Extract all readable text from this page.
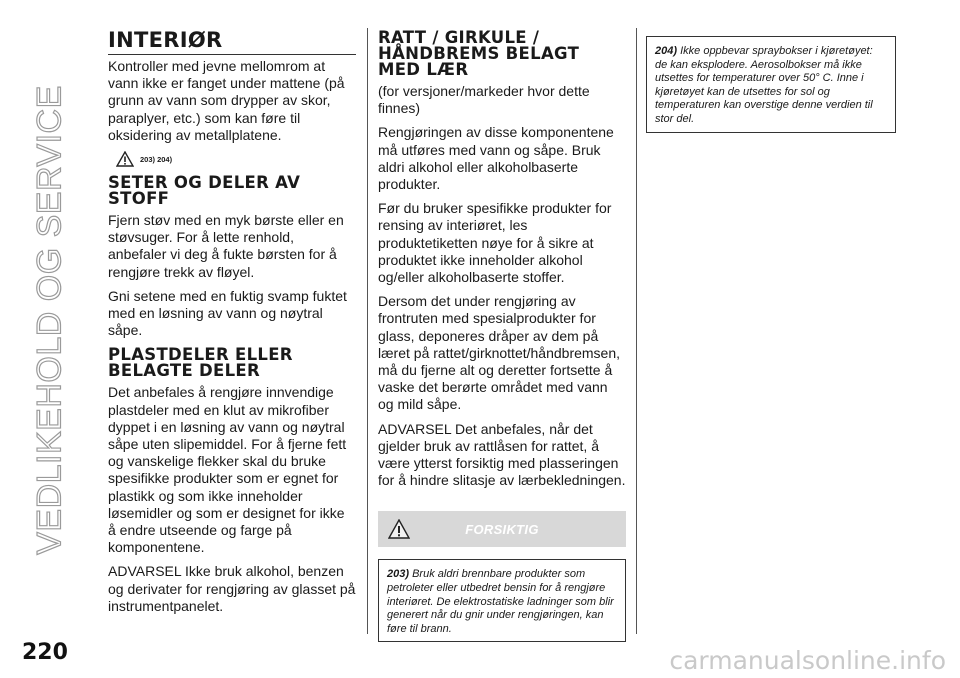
VEDLIKEHOLD OG SERVICE
INTERIØR

Kontroller med jevne mellomrom at vann ikke er fanget under mattene (på grunn av vann som drypper av skor, paraplyer, etc.) som kan føre til oksidering av metallplatene.

203) 204)
SETER OG DELER AV STOFF

Fjern støv med en myk børste eller en støvsuger. For å lette renhold, anbefaler vi deg å fukte børsten for å rengjøre trekk av fløyel.

Gni setene med en fuktig svamp fuktet med en løsning av vann og nøytral såpe.

PLASTDELER ELLER BELAGTE DELER

Det anbefales å rengjøre innvendige plastdeler med en klut av mikrofiber dyppet i en løsning av vann og nøytral såpe uten slipemiddel. For å fjerne fett og vanskelige flekker skal du bruke spesifikke produkter som er egnet for plastikk og som ikke inneholder løsemidler og som er designet for ikke å endre utseende og farge på komponentene.

ADVARSEL Ikke bruk alkohol, benzen og derivater for rengjøring av glasset på instrumentpanelet.

RATT / GIRKULE / HÅNDBREMS BELAGT MED LÆR

(for versjoner/markeder hvor dette finnes)

Rengjøringen av disse komponentene må utføres med vann og såpe. Bruk aldri alkohol eller alkoholbaserte produkter.

Før du bruker spesifikke produkter for rensing av interiøret, les produktetiketten nøye for å sikre at produktet ikke inneholder alkohol og/eller alkoholbaserte stoffer.

Dersom det under rengjøring av frontruten med spesialprodukter for glass, deponeres dråper av dem på læret på rattet/girknottet/håndbremsen, må du fjerne alt og deretter fortsette å vaske det berørte området med vann og mild såpe.

ADVARSEL Det anbefales, når det gjelder bruk av rattlåsen for rattet, å være ytterst forsiktig med plasseringen for å hindre slitasje av lærbekledningen.

FORSIKTIG
203) Bruk aldri brennbare produkter som petroleter eller utbedret bensin for å rengjøre interiøret. De elektrostatiske ladninger som blir generert når du gnir under rengjøringen, kan føre til brann.
204) Ikke oppbevar spraybokser i kjøretøyet: de kan eksplodere. Aerosolbokser må ikke utsettes for temperaturer over 50° C. Inne i kjøretøyet kan de utsettes for sol og temperaturen kan overstige denne verdien til stor del.
220	carmanualsonline.info
